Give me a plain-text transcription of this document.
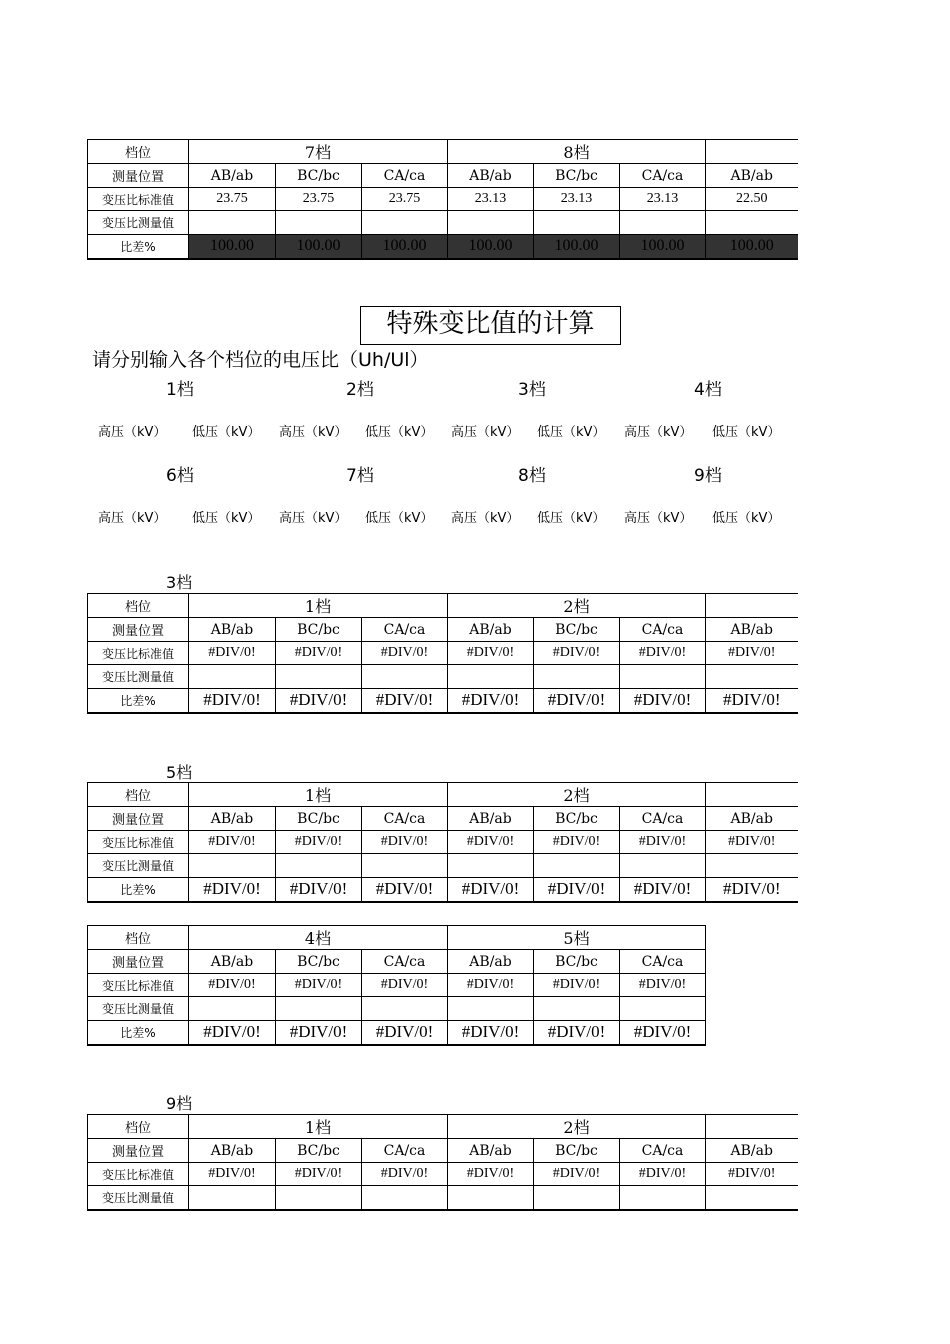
档位	7档			8档			
测量位置	AB/ab	BC/bc	CA/ca	AB/ab	BC/bc	CA/ca	AB/ab
变压比标准值	23.75	23.75	23.75	23.13	23.13	23.13	22.50
变压比测量值							
比差%	100.00	100.00	100.00	100.00	100.00	100.00	100.00
特殊变比值的计算
请分别输入各个档位的电压比（Uh/Ul）
1档	2档	3档	4档
高压（kV） 低压（kV） 高压（kV） 低压（kV） 高压（kV） 低压（kV） 高压（kV） 低压（kV）
6档	7档	8档	9档
高压（kV） 低压（kV） 高压（kV） 低压（kV） 高压（kV） 低压（kV） 高压（kV） 低压（kV）
3档
档位	1档			2档			
测量位置	AB/ab	BC/bc	CA/ca	AB/ab	BC/bc	CA/ca	AB/ab
变压比标准值	#DIV/0!	#DIV/0!	#DIV/0!	#DIV/0!	#DIV/0!	#DIV/0!	#DIV/0!
变压比测量值							
比差%	#DIV/0!	#DIV/0!	#DIV/0!	#DIV/0!	#DIV/0!	#DIV/0!	#DIV/0!
5档
档位	1档			2档			
测量位置	AB/ab	BC/bc	CA/ca	AB/ab	BC/bc	CA/ca	AB/ab
变压比标准值	#DIV/0!	#DIV/0!	#DIV/0!	#DIV/0!	#DIV/0!	#DIV/0!	#DIV/0!
变压比测量值							
比差%	#DIV/0!	#DIV/0!	#DIV/0!	#DIV/0!	#DIV/0!	#DIV/0!	#DIV/0!
档位	4档			5档		
测量位置	AB/ab	BC/bc	CA/ca	AB/ab	BC/bc	CA/ca
变压比标准值	#DIV/0!	#DIV/0!	#DIV/0!	#DIV/0!	#DIV/0!	#DIV/0!
变压比测量值						
比差%	#DIV/0!	#DIV/0!	#DIV/0!	#DIV/0!	#DIV/0!	#DIV/0!
9档
档位	1档			2档			
测量位置	AB/ab	BC/bc	CA/ca	AB/ab	BC/bc	CA/ca	AB/ab
变压比标准值	#DIV/0!	#DIV/0!	#DIV/0!	#DIV/0!	#DIV/0!	#DIV/0!	#DIV/0!
变压比测量值							
